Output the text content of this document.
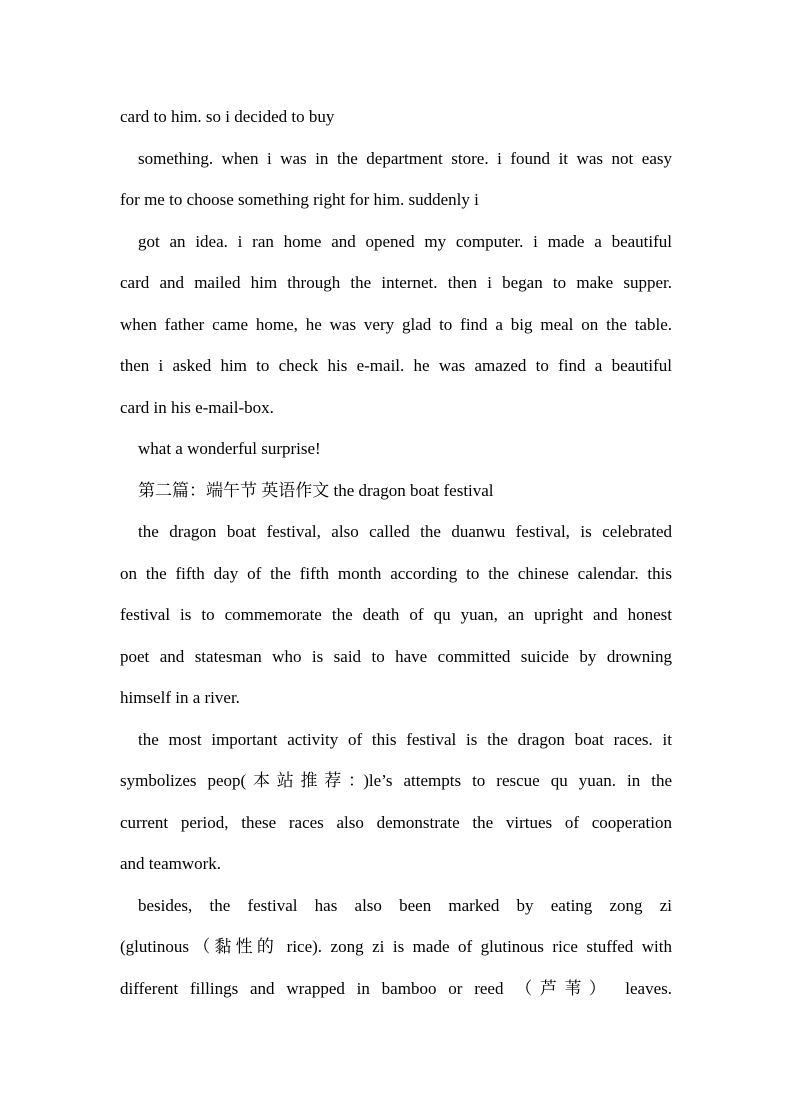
card to him. so i decided to buy
something. when i was in the department store. i found it was not easy
for me to choose something right for him. suddenly i
got an idea. i ran home and opened my computer. i made a beautiful
card and mailed him through the internet. then i began to make supper.
when father came home, he was very glad to find a big meal on the table.
then i asked him to check his e-mail. he was amazed to find a beautiful
card in his e-mail-box.
what a wonderful surprise!
第二篇：端午节 英语作文 the dragon boat festival
the dragon boat festival, also called the duanwu festival, is celebrated
on the fifth day of the fifth month according to the chinese calendar. this
festival is to commemorate the death of qu yuan, an upright and honest
poet and statesman who is said to have committed suicide by drowning
himself in a river.
the most important activity of this festival is the dragon boat races. it
symbolizes peop(本站推荐：)le’s attempts to rescue qu yuan. in the
current period, these races also demonstrate the virtues of cooperation
and teamwork.
besides, the festival has also been marked by eating zong zi
(glutinous（黏性的 rice). zong zi is made of glutinous rice stuffed with
different fillings and wrapped in bamboo or reed （芦苇） leaves.
